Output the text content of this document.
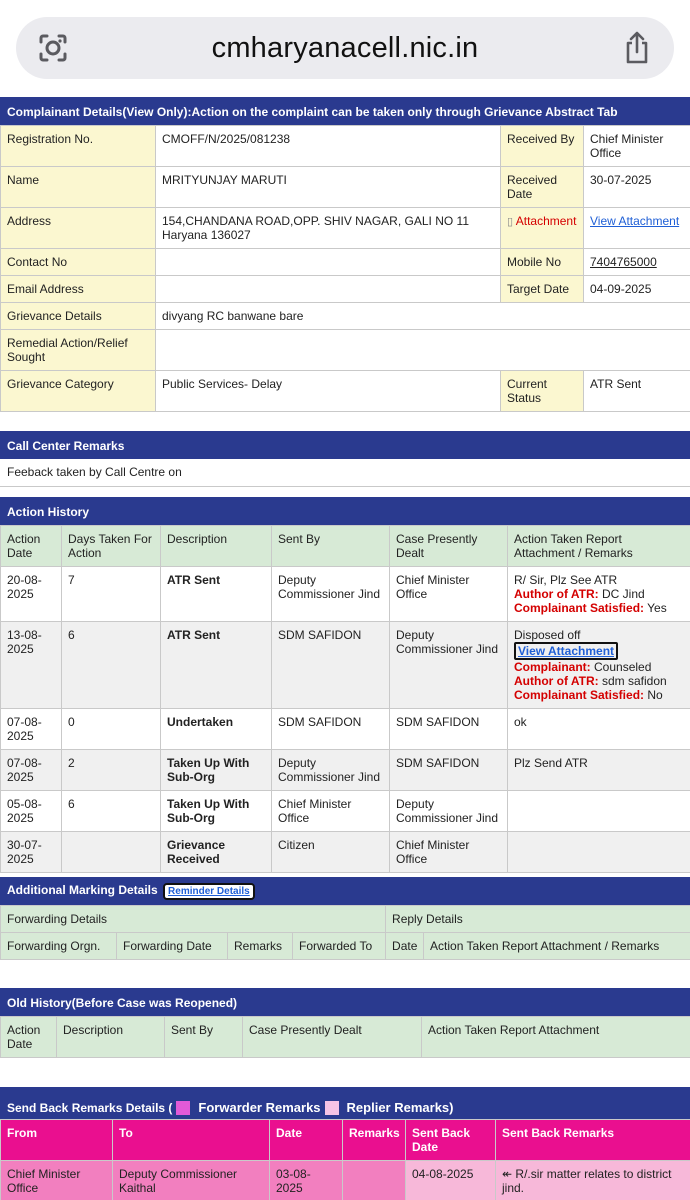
cmharyanacell.nic.in
Complainant Details(View Only):Action on the complaint can be taken only through Grievance Abstract Tab
Registration No.	CMOFF/N/2025/081238	Received By	Chief Minister Office
Name	MRITYUNJAY MARUTI	Received Date	30-07-2025
Address	154,CHANDANA ROAD,OPP. SHIV NAGAR, GALI NO 11 Haryana 136027	▯ Attachment	View Attachment
Contact No		Mobile No	7404765000
Email Address		Target Date	04-09-2025
Grievance Details	divyang RC banwane bare		
Remedial Action/Relief Sought			
Grievance Category	Public Services- Delay	Current Status	ATR Sent
Call Center Remarks
Feeback taken by Call Centre on
Action History
Action Date	Days Taken For Action	Description	Sent By	Case Presently Dealt	Action Taken Report Attachment / Remarks
20-08-2025	7	ATR Sent	Deputy Commissioner Jind	Chief Minister Office	R/ Sir, Plz See ATR
Author of ATR: DC Jind
Complainant Satisfied: Yes

13-08-2025	6	ATR Sent	SDM SAFIDON	Deputy Commissioner Jind	Disposed off View Attachment
Complainant: Counseled
Author of ATR: sdm safidon
Complainant Satisfied: No

07-08-2025	0	Undertaken	SDM SAFIDON	SDM SAFIDON	ok
07-08-2025	2	Taken Up With Sub-Org	Deputy Commissioner Jind	SDM SAFIDON	Plz Send ATR
05-08-2025	6	Taken Up With Sub-Org	Chief Minister Office	Deputy Commissioner Jind	
30-07-2025		Grievance Received	Citizen	Chief Minister Office	
Additional Marking Details Reminder Details
Forwarding Details				Reply Details	
Forwarding Orgn.	Forwarding Date	Remarks	Forwarded To	Date	Action Taken Report Attachment / Remarks
Old History(Before Case was Reopened)
Action Date	Description	Sent By	Case Presently Dealt	Action Taken Report Attachment
Send Back Remarks Details ( Forwarder Remarks Replier Remarks)
From	To	Date	Remarks	Sent Back Date	Sent Back Remarks
Chief Minister Office	Deputy Commissioner Kaithal	03-08-2025		04-08-2025	↞ R/.sir matter relates to district jind.
